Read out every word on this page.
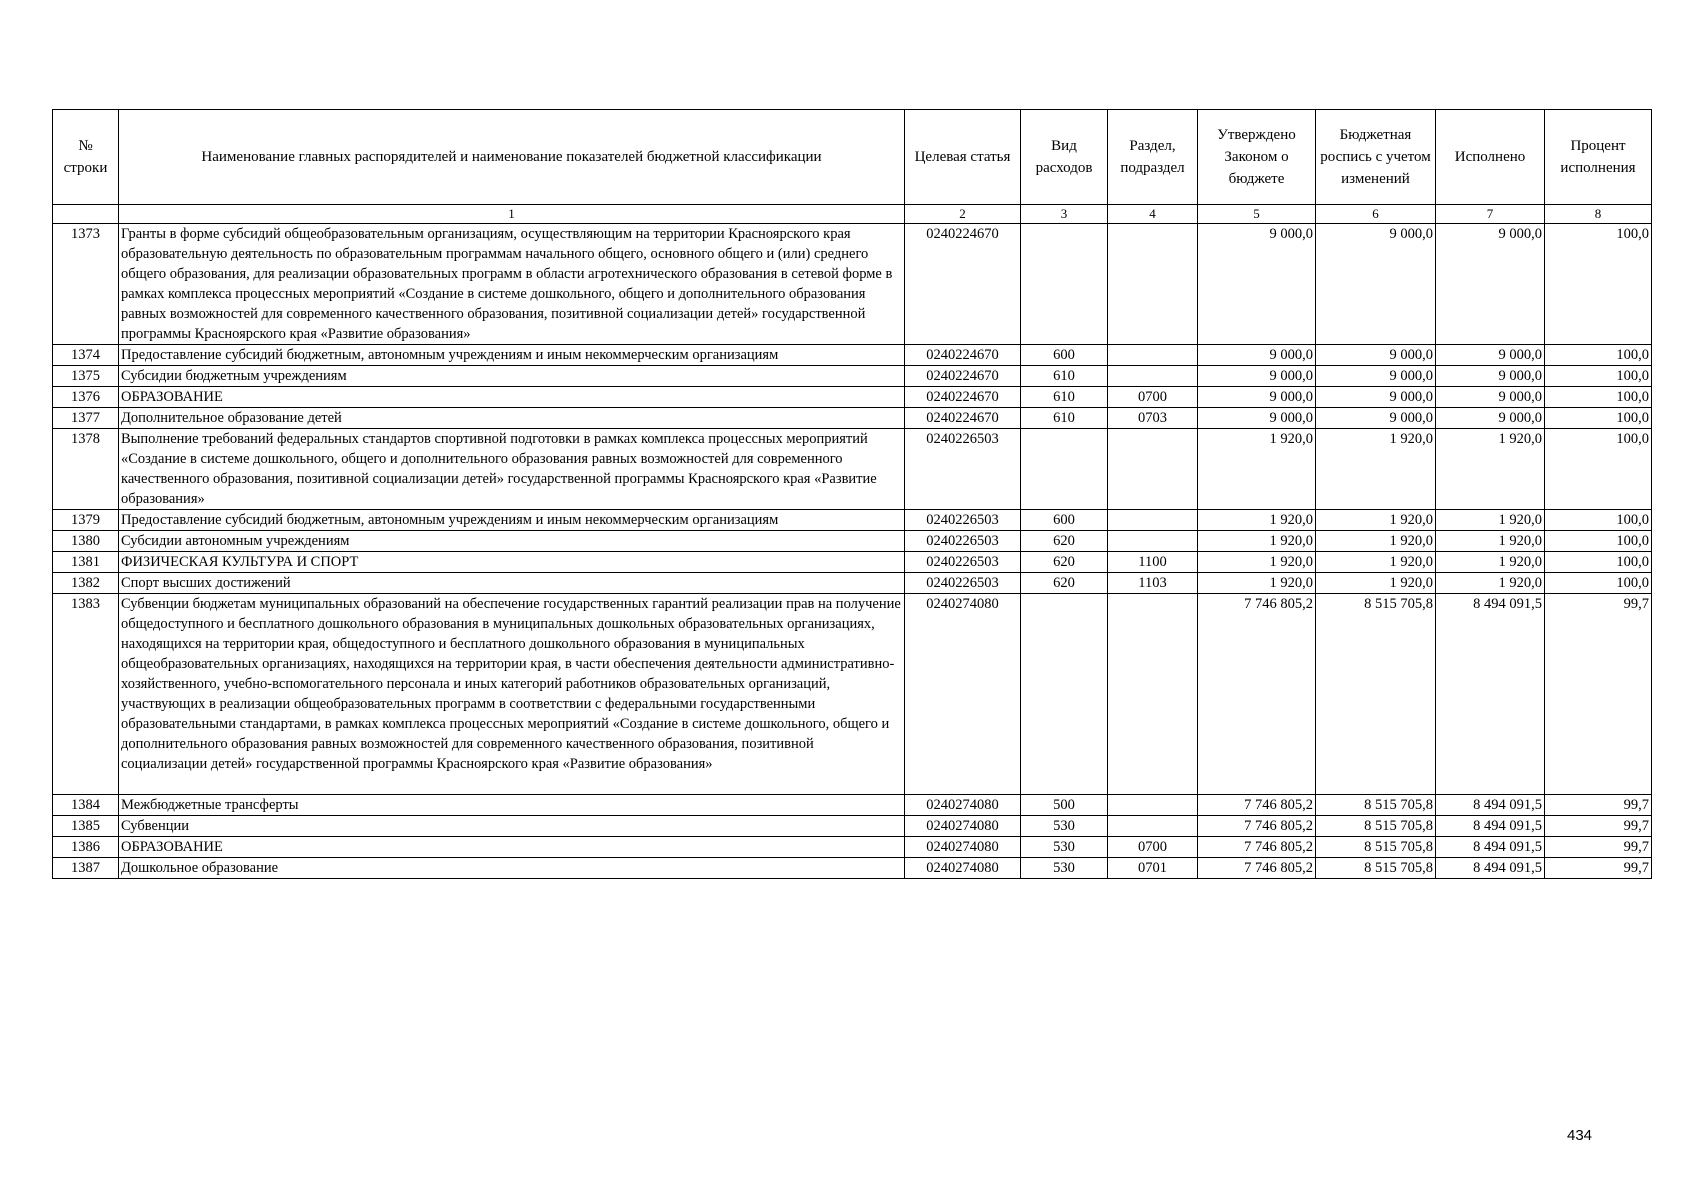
№ строки	Наименование главных распорядителей и наименование показателей бюджетной классификации	Целевая статья	Вид расходов	Раздел, подраздел	Утверждено Законом о бюджете	Бюджетная роспись с учетом изменений	Исполнено	Процент исполнения
	1	2	3	4	5	6	7	8
1373	Гранты в форме субсидий общеобразовательным организациям, осуществляющим на территории Красноярского края образовательную деятельность по образовательным программам начального общего, основного общего и (или) среднего общего образования, для реализации образовательных программ в области агротехнического образования в сетевой форме в рамках комплекса процессных мероприятий «Создание в системе дошкольного, общего и дополнительного образования равных возможностей для современного качественного образования, позитивной социализации детей» государственной программы Красноярского края «Развитие образования»	0240224670			9 000,0	9 000,0	9 000,0	100,0
1374	Предоставление субсидий бюджетным, автономным учреждениям и иным некоммерческим организациям	0240224670	600		9 000,0	9 000,0	9 000,0	100,0
1375	Субсидии бюджетным учреждениям	0240224670	610		9 000,0	9 000,0	9 000,0	100,0
1376	ОБРАЗОВАНИЕ	0240224670	610	0700	9 000,0	9 000,0	9 000,0	100,0
1377	Дополнительное образование детей	0240224670	610	0703	9 000,0	9 000,0	9 000,0	100,0
1378	Выполнение требований федеральных стандартов спортивной подготовки в рамках комплекса процессных мероприятий «Создание в системе дошкольного, общего и дополнительного образования равных возможностей для современного качественного образования, позитивной социализации детей» государственной программы Красноярского края «Развитие образования»	0240226503			1 920,0	1 920,0	1 920,0	100,0
1379	Предоставление субсидий бюджетным, автономным учреждениям и иным некоммерческим организациям	0240226503	600		1 920,0	1 920,0	1 920,0	100,0
1380	Субсидии автономным учреждениям	0240226503	620		1 920,0	1 920,0	1 920,0	100,0
1381	ФИЗИЧЕСКАЯ КУЛЬТУРА И СПОРТ	0240226503	620	1100	1 920,0	1 920,0	1 920,0	100,0
1382	Спорт высших достижений	0240226503	620	1103	1 920,0	1 920,0	1 920,0	100,0
1383	Субвенции бюджетам муниципальных образований на обеспечение государственных гарантий реализации прав на получение общедоступного и бесплатного дошкольного образования в муниципальных дошкольных образовательных организациях, находящихся на территории края, общедоступного и бесплатного дошкольного образования в муниципальных общеобразовательных организациях, находящихся на территории края, в части обеспечения деятельности административно-хозяйственного, учебно-вспомогательного персонала и иных категорий работников образовательных организаций, участвующих в реализации общеобразовательных программ в соответствии с федеральными государственными образовательными стандартами, в рамках комплекса процессных мероприятий «Создание в системе дошкольного, общего и дополнительного образования равных возможностей для современного качественного образования, позитивной социализации детей» государственной программы Красноярского края «Развитие образования»	0240274080			7 746 805,2	8 515 705,8	8 494 091,5	99,7
1384	Межбюджетные трансферты	0240274080	500		7 746 805,2	8 515 705,8	8 494 091,5	99,7
1385	Субвенции	0240274080	530		7 746 805,2	8 515 705,8	8 494 091,5	99,7
1386	ОБРАЗОВАНИЕ	0240274080	530	0700	7 746 805,2	8 515 705,8	8 494 091,5	99,7
1387	Дошкольное образование	0240274080	530	0701	7 746 805,2	8 515 705,8	8 494 091,5	99,7
434
